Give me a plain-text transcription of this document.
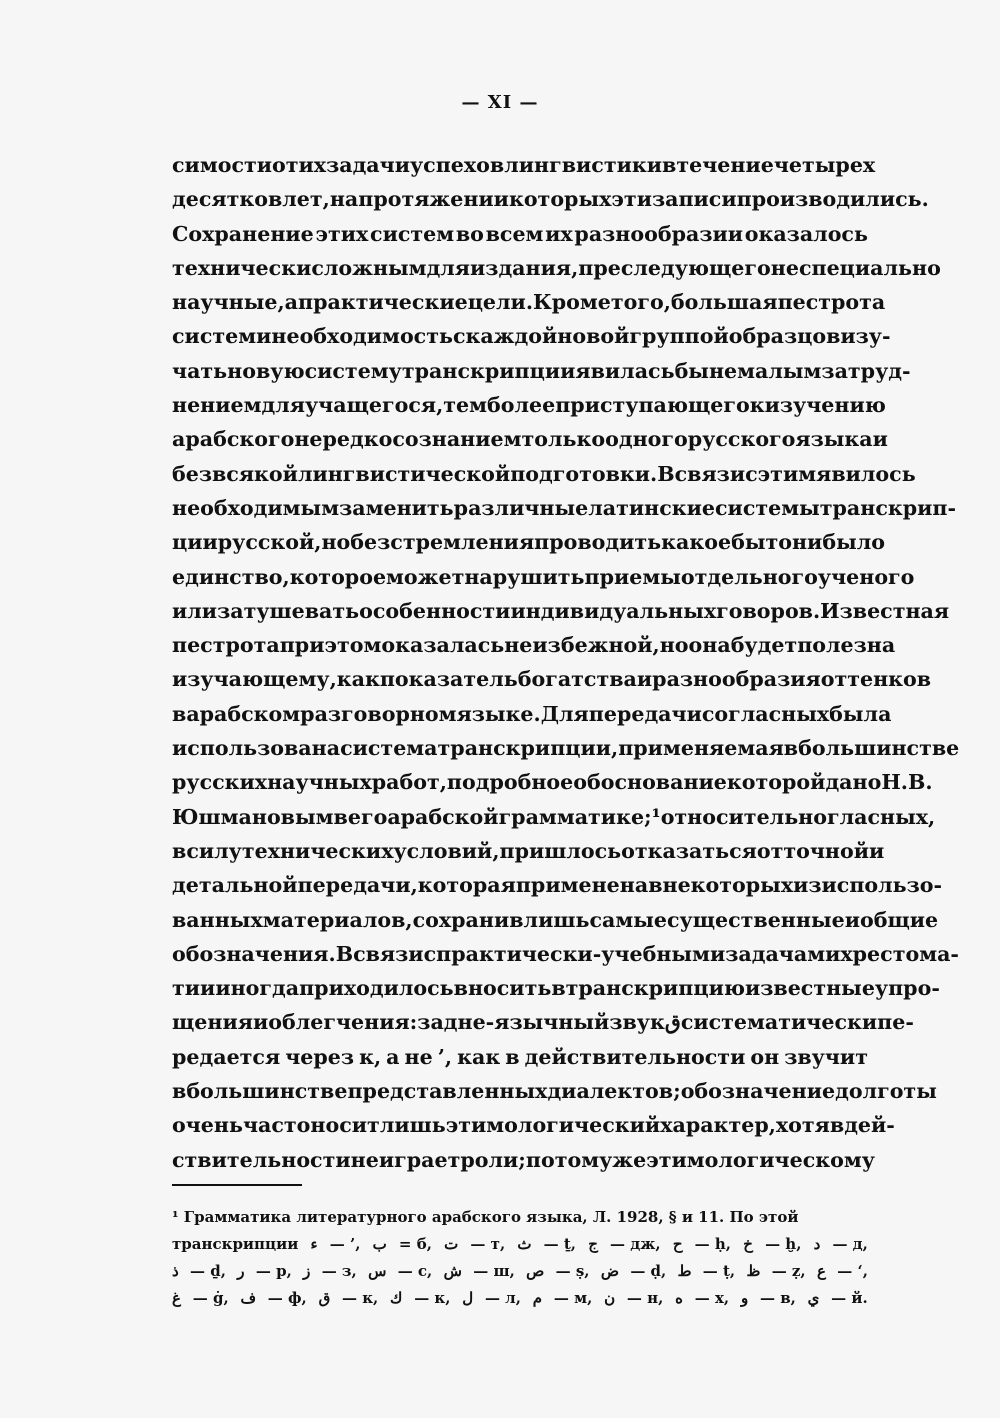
— XI —
симости от их задач и успехов лингвистики в течение четырех
десятков лет, на протяжении которых эти записи производились.
Сохранение этих систем во всем их разнообразии оказалось
технически сложным для издания, преследующего не специально
научные, а практические цели. Кроме того, большая пестрота
систем и необходимость с каждой новой группой образцов изу-
чать новую систему транскрипции явилась бы немалым затруд-
нением для учащегося, тем более приступающего к изучению
арабского нередко со знанием только одного русского языка и
без всякой лингвистической подготовки. В связи с этим явилось
необходимым заменить различные латинские системы транскрип-
ции русской, но без стремления проводить какое бы то ни было
единство, которое может нарушить приемы отдельного ученого
или затушевать особенности индивидуальных говоров. Известная
пестрота при этом оказалась неизбежной, но она будет полезна
изучающему, как показатель богатства и разнообразия оттенков
в арабском разговорном языке. Для передачи согласных была
использована система транскрипции, применяемая в большинстве
русских научных работ, подробное обоснование которой дано Н. В.
Юшмановым в его арабской грамматике;¹ относительно гласных,
в силу технических условий, пришлось отказаться от точной и
детальной передачи, которая применена в некоторых из использо-
ванных материалов, сохранив лишь самые существенные и общие
обозначения. В связи с практически-учебными задачами хрестома-
тии иногда приходилось вносить в транскрипцию известные упро-
щения и облегчения: задне-язычный звук ق систематически пе-
редается через к, а не ’, как в действительности он звучит
в большинстве представленных диалектов; обозначение долготы
очень часто носит лишь этимологический характер, хотя в дей-
ствительности не играет роли; по тому же этимологическому
¹ Грамматика литературного арабского языка, Л. 1928, § и 11. По этой
транскрипции ء — ’, ب = б, ت — т, ث — ṯ, ج — дж, ح — ḥ, خ — ḫ, د — д,
ذ — ḏ, ر — р, ز — з, س — с, ش — ш, ص — ṣ, ض — ḍ, ط — ṭ, ظ — ẓ, ع — ‘,
غ — ġ, ف — ф, ق — к, ك — к, ل — л, م — м, ن — н, ه — х, و — в, ي — й.
